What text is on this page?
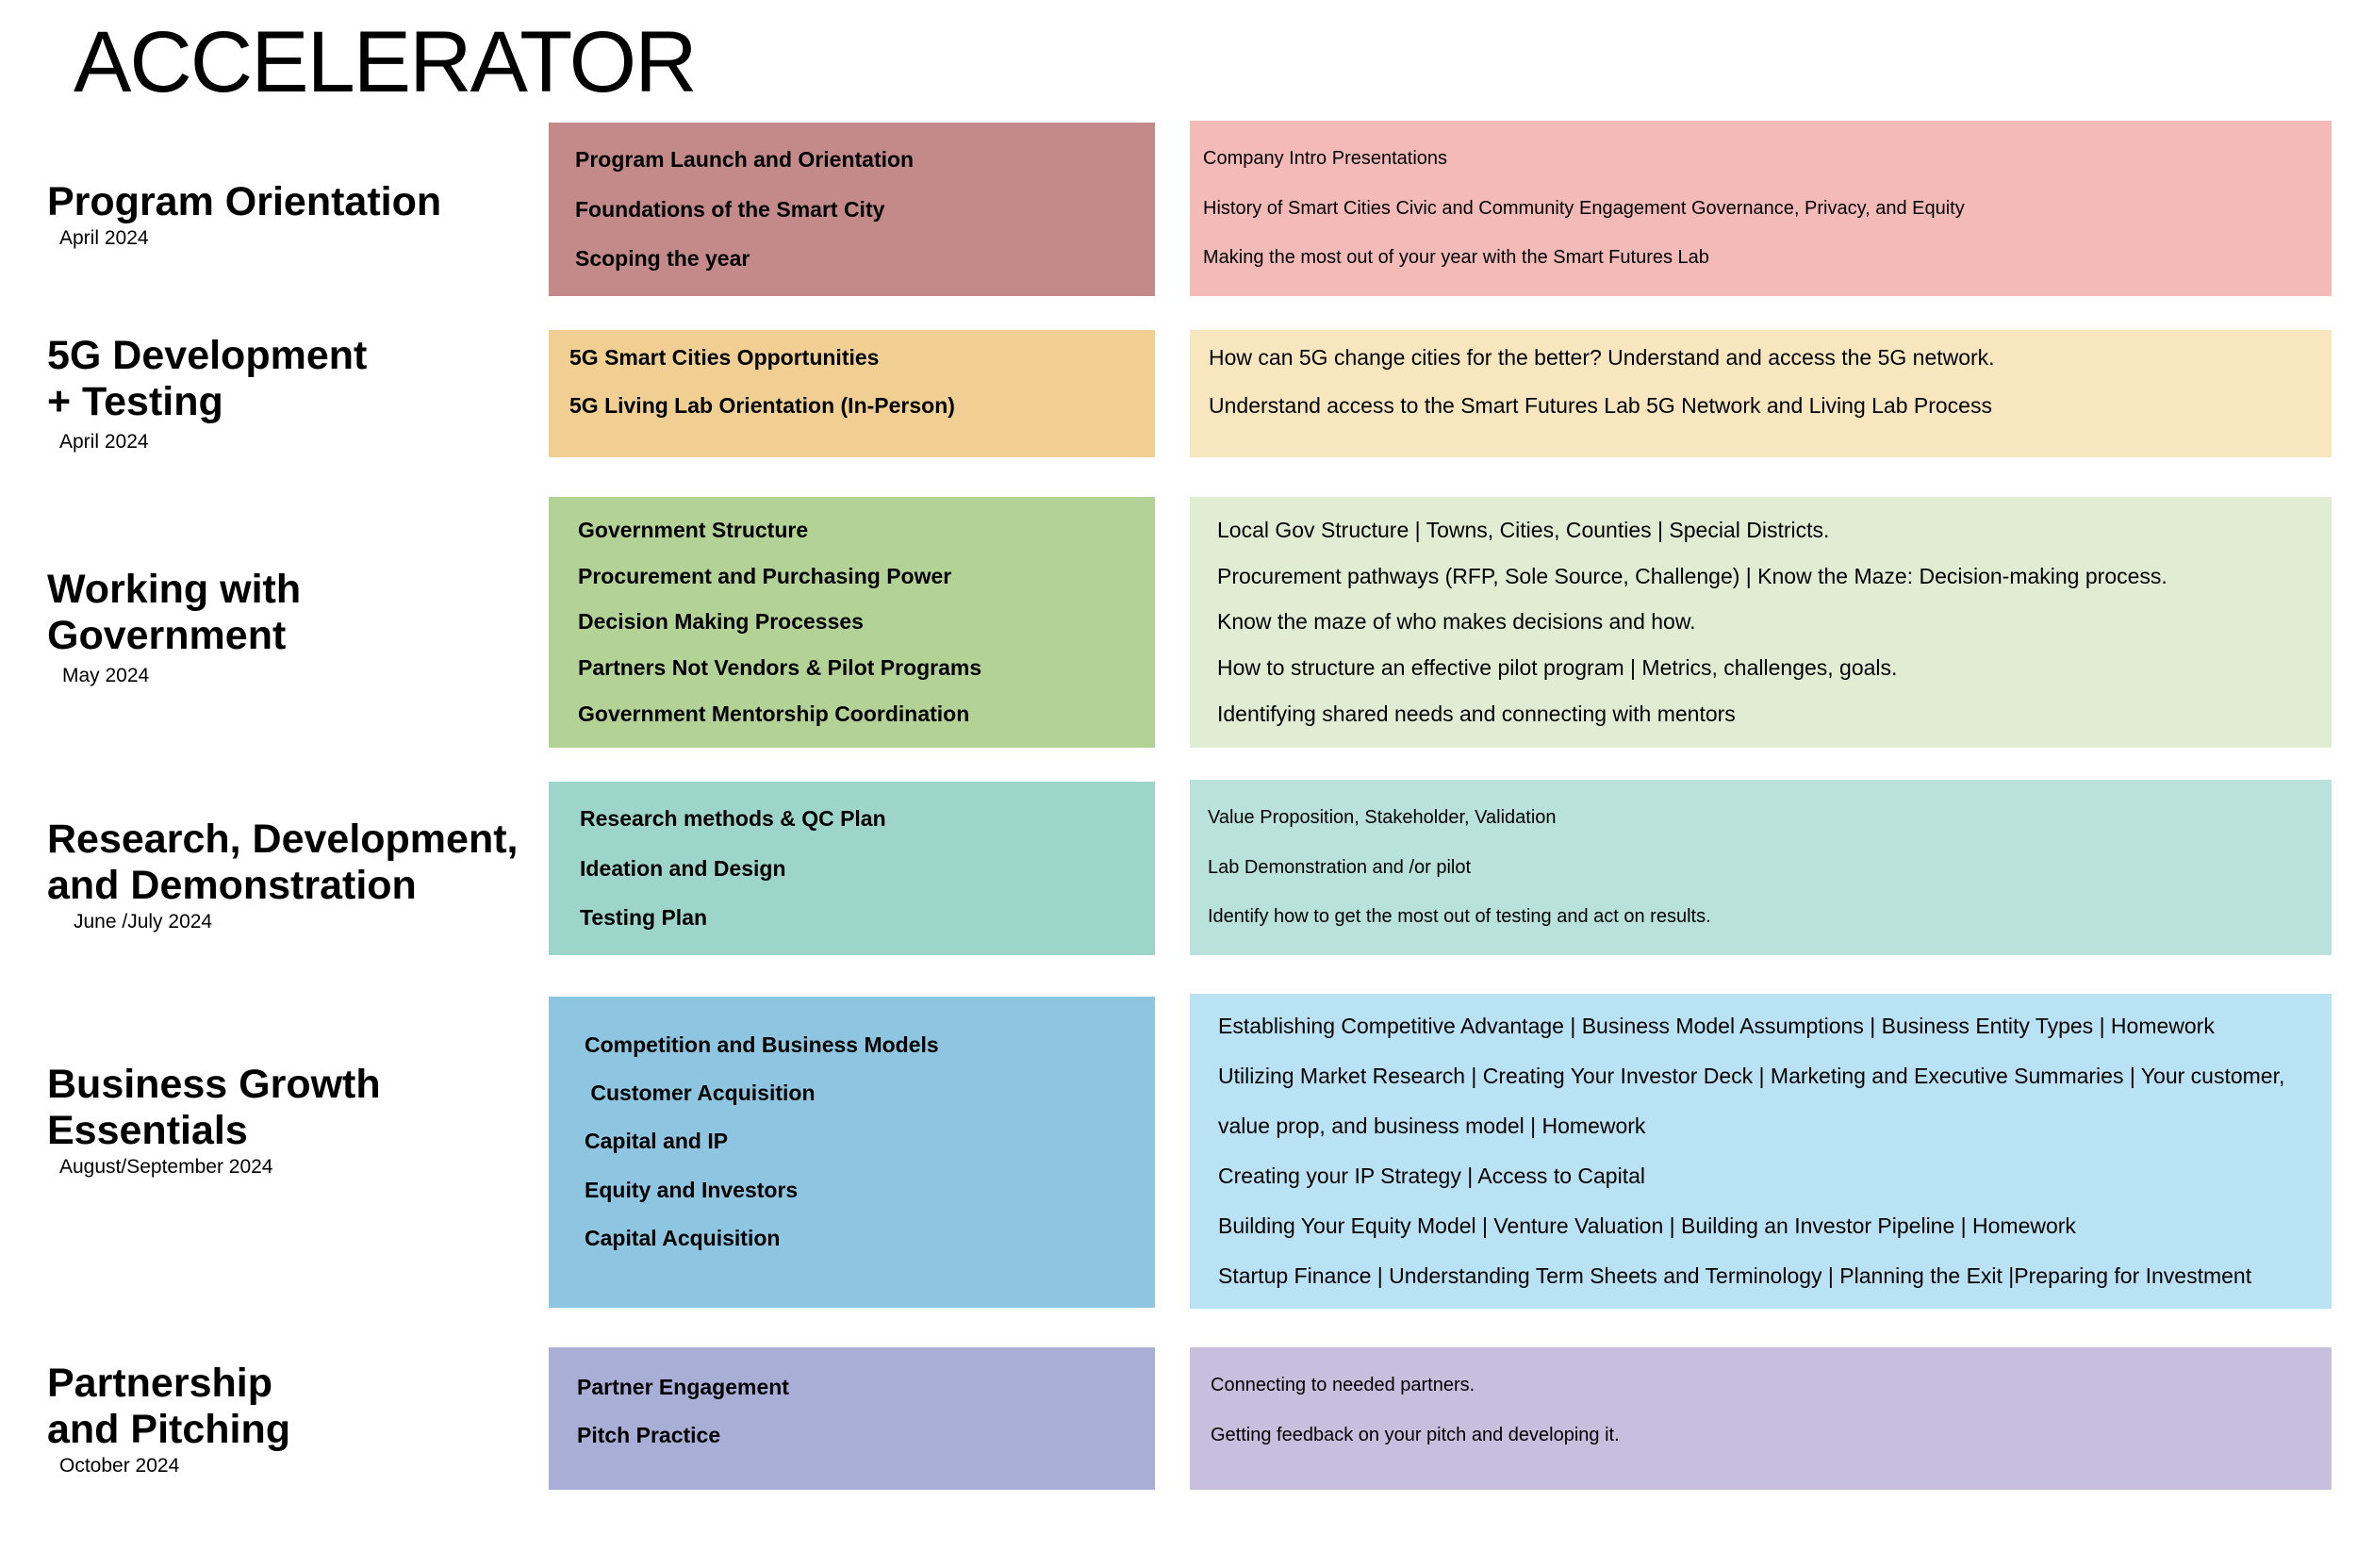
ACCELERATOR
Program Orientation
April 2024
Program Launch and Orientation
Foundations of the Smart City
Scoping the year
Company Intro Presentations
History of Smart Cities Civic and Community Engagement Governance, Privacy, and Equity
Making the most out of your year with the Smart Futures Lab
5G Development
+ Testing
April 2024
5G Smart Cities Opportunities
5G Living Lab Orientation (In-Person)
How can 5G change cities for the better? Understand and access the 5G network.
Understand access to the Smart Futures Lab 5G Network and Living Lab Process
Working with
Government
May 2024
Government Structure
Procurement and Purchasing Power
Decision Making Processes
Partners Not Vendors & Pilot Programs
Government Mentorship Coordination
Local Gov Structure | Towns, Cities, Counties | Special Districts.
Procurement pathways (RFP, Sole Source, Challenge) | Know the Maze: Decision-making process.
Know the maze of who makes decisions and how.
How to structure an effective pilot program | Metrics, challenges, goals.
Identifying shared needs and connecting with mentors
Research, Development,
and Demonstration
June /July 2024
Research methods & QC Plan
Ideation and Design
Testing Plan
Value Proposition, Stakeholder, Validation
Lab Demonstration and /or pilot
Identify how to get the most out of testing and act on results.
Business Growth
Essentials
August/September 2024
Competition and Business Models
Customer Acquisition
Capital and IP
Equity and Investors
Capital Acquisition
Establishing Competitive Advantage | Business Model Assumptions | Business Entity Types | Homework
Utilizing Market Research | Creating Your Investor Deck | Marketing and Executive Summaries | Your customer, value prop, and business model | Homework
Creating your IP Strategy | Access to Capital
Building Your Equity Model | Venture Valuation | Building an Investor Pipeline | Homework
Startup Finance | Understanding Term Sheets and Terminology | Planning the Exit |Preparing for Investment
Partnership
and Pitching
October 2024
Partner Engagement
Pitch Practice
Connecting to needed partners.
Getting feedback on your pitch and developing it.
